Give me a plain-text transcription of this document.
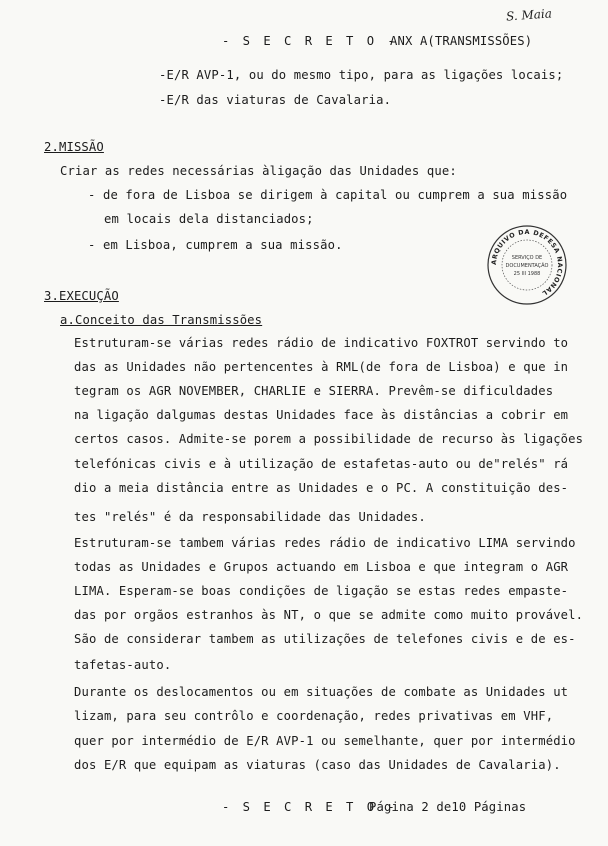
S. Maia
- S E C R E T O -
ANX A(TRANSMISSÕES)
-E/R AVP-1, ou do mesmo tipo, para as ligações locais;
-E/R das viaturas de Cavalaria.
2.MISSÃO
Criar as redes necessárias àligação das Unidades que:
- de fora de Lisboa se dirigem à capital ou cumprem a sua missão
em locais dela distanciados;
- em Lisboa, cumprem a sua missão.
3.EXECUÇÃO
a.Conceito das Transmissões
Estruturam-se várias redes rádio de indicativo FOXTROT servindo to
das as Unidades não pertencentes à RML(de fora de Lisboa) e que in
tegram os AGR NOVEMBER, CHARLIE e SIERRA. Prevêm-se dificuldades
na ligação dalgumas destas Unidades face às distâncias a cobrir em
certos casos. Admite-se porem a possibilidade de recurso às ligações
telefónicas civis e à utilização de estafetas-auto ou de"relés" rá
dio a meia distância entre as Unidades e o PC. A constituição des-
tes "relés" é da responsabilidade das Unidades.
Estruturam-se tambem várias redes rádio de indicativo LIMA servindo
todas as Unidades e Grupos actuando em Lisboa e que integram o AGR
LIMA. Esperam-se boas condições de ligação se estas redes empaste-
das por orgãos estranhos às NT, o que se admite como muito provável.
São de considerar tambem as utilizações de telefones civis e de es-
tafetas-auto.
Durante os deslocamentos ou em situações de combate as Unidades ut
lizam, para seu contrôlo e coordenação, redes privativas em VHF,
quer por intermédio de E/R AVP-1 ou semelhante, quer por intermédio
dos E/R que equipam as viaturas (caso das Unidades de Cavalaria).
- S E C R E T O -
Página 2 de10 Páginas
ARQUIVO DA DEFESA NACIONAL
SERVIÇO DE
DOCUMENTAÇÃO
25 III 1988
